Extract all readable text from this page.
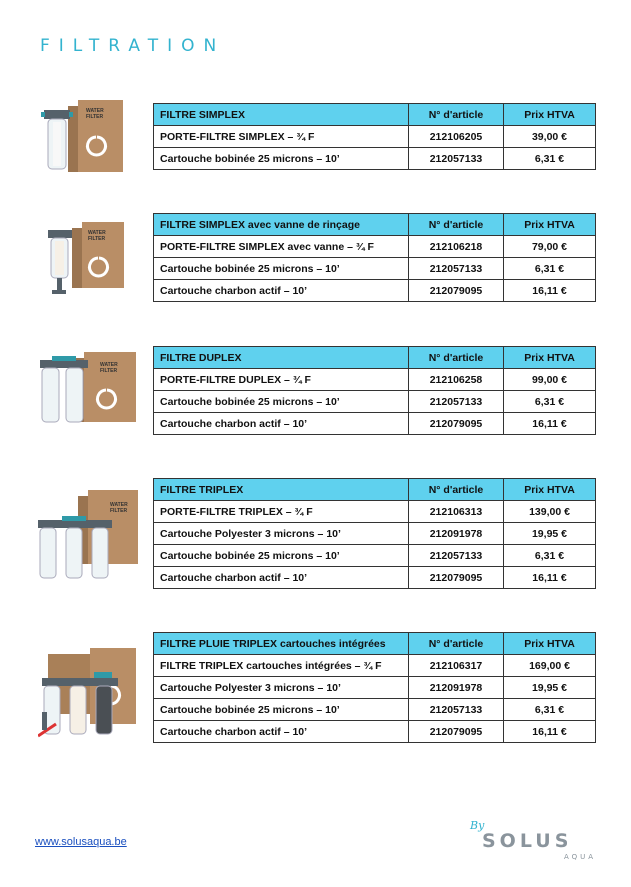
FILTRATION
WATER
FILTER	FILTRE SIMPLEX	N° d'article	Prix HTVA
PORTE-FILTRE SIMPLEX – ¾ F	212106205	39,00 €
Cartouche bobinée 25 microns – 10’	212057133	6,31 €
WATER
FILTER
FILTRE SIMPLEX avec vanne de rinçage	N° d'article	Prix HTVA
PORTE-FILTRE SIMPLEX avec vanne – ¾ F	212106218	79,00 €
Cartouche bobinée 25 microns – 10’	212057133	6,31 €
Cartouche charbon actif – 10’	212079095	16,11 €
WATER
FILTER
FILTRE DUPLEX	N° d'article	Prix HTVA
PORTE-FILTRE DUPLEX – ¾ F	212106258	99,00 €
Cartouche bobinée 25 microns – 10’	212057133	6,31 €
Cartouche charbon actif – 10’	212079095	16,11 €
WATER
FILTER
FILTRE TRIPLEX	N° d'article	Prix HTVA
PORTE-FILTRE TRIPLEX – ¾ F	212106313	139,00 €
Cartouche Polyester 3 microns – 10’	212091978	19,95 €
Cartouche bobinée 25 microns – 10’	212057133	6,31 €
Cartouche charbon actif – 10’	212079095	16,11 €
FILTRE PLUIE TRIPLEX cartouches intégrées	N° d'article	Prix HTVA
FILTRE TRIPLEX cartouches intégrées – ¾ F	212106317	169,00 €
Cartouche Polyester 3 microns – 10’	212091978	19,95 €
Cartouche bobinée 25 microns – 10’	212057133	6,31 €
Cartouche charbon actif – 10’	212079095	16,11 €
www.solusaqua.be
By
SOLUS
AQUA
